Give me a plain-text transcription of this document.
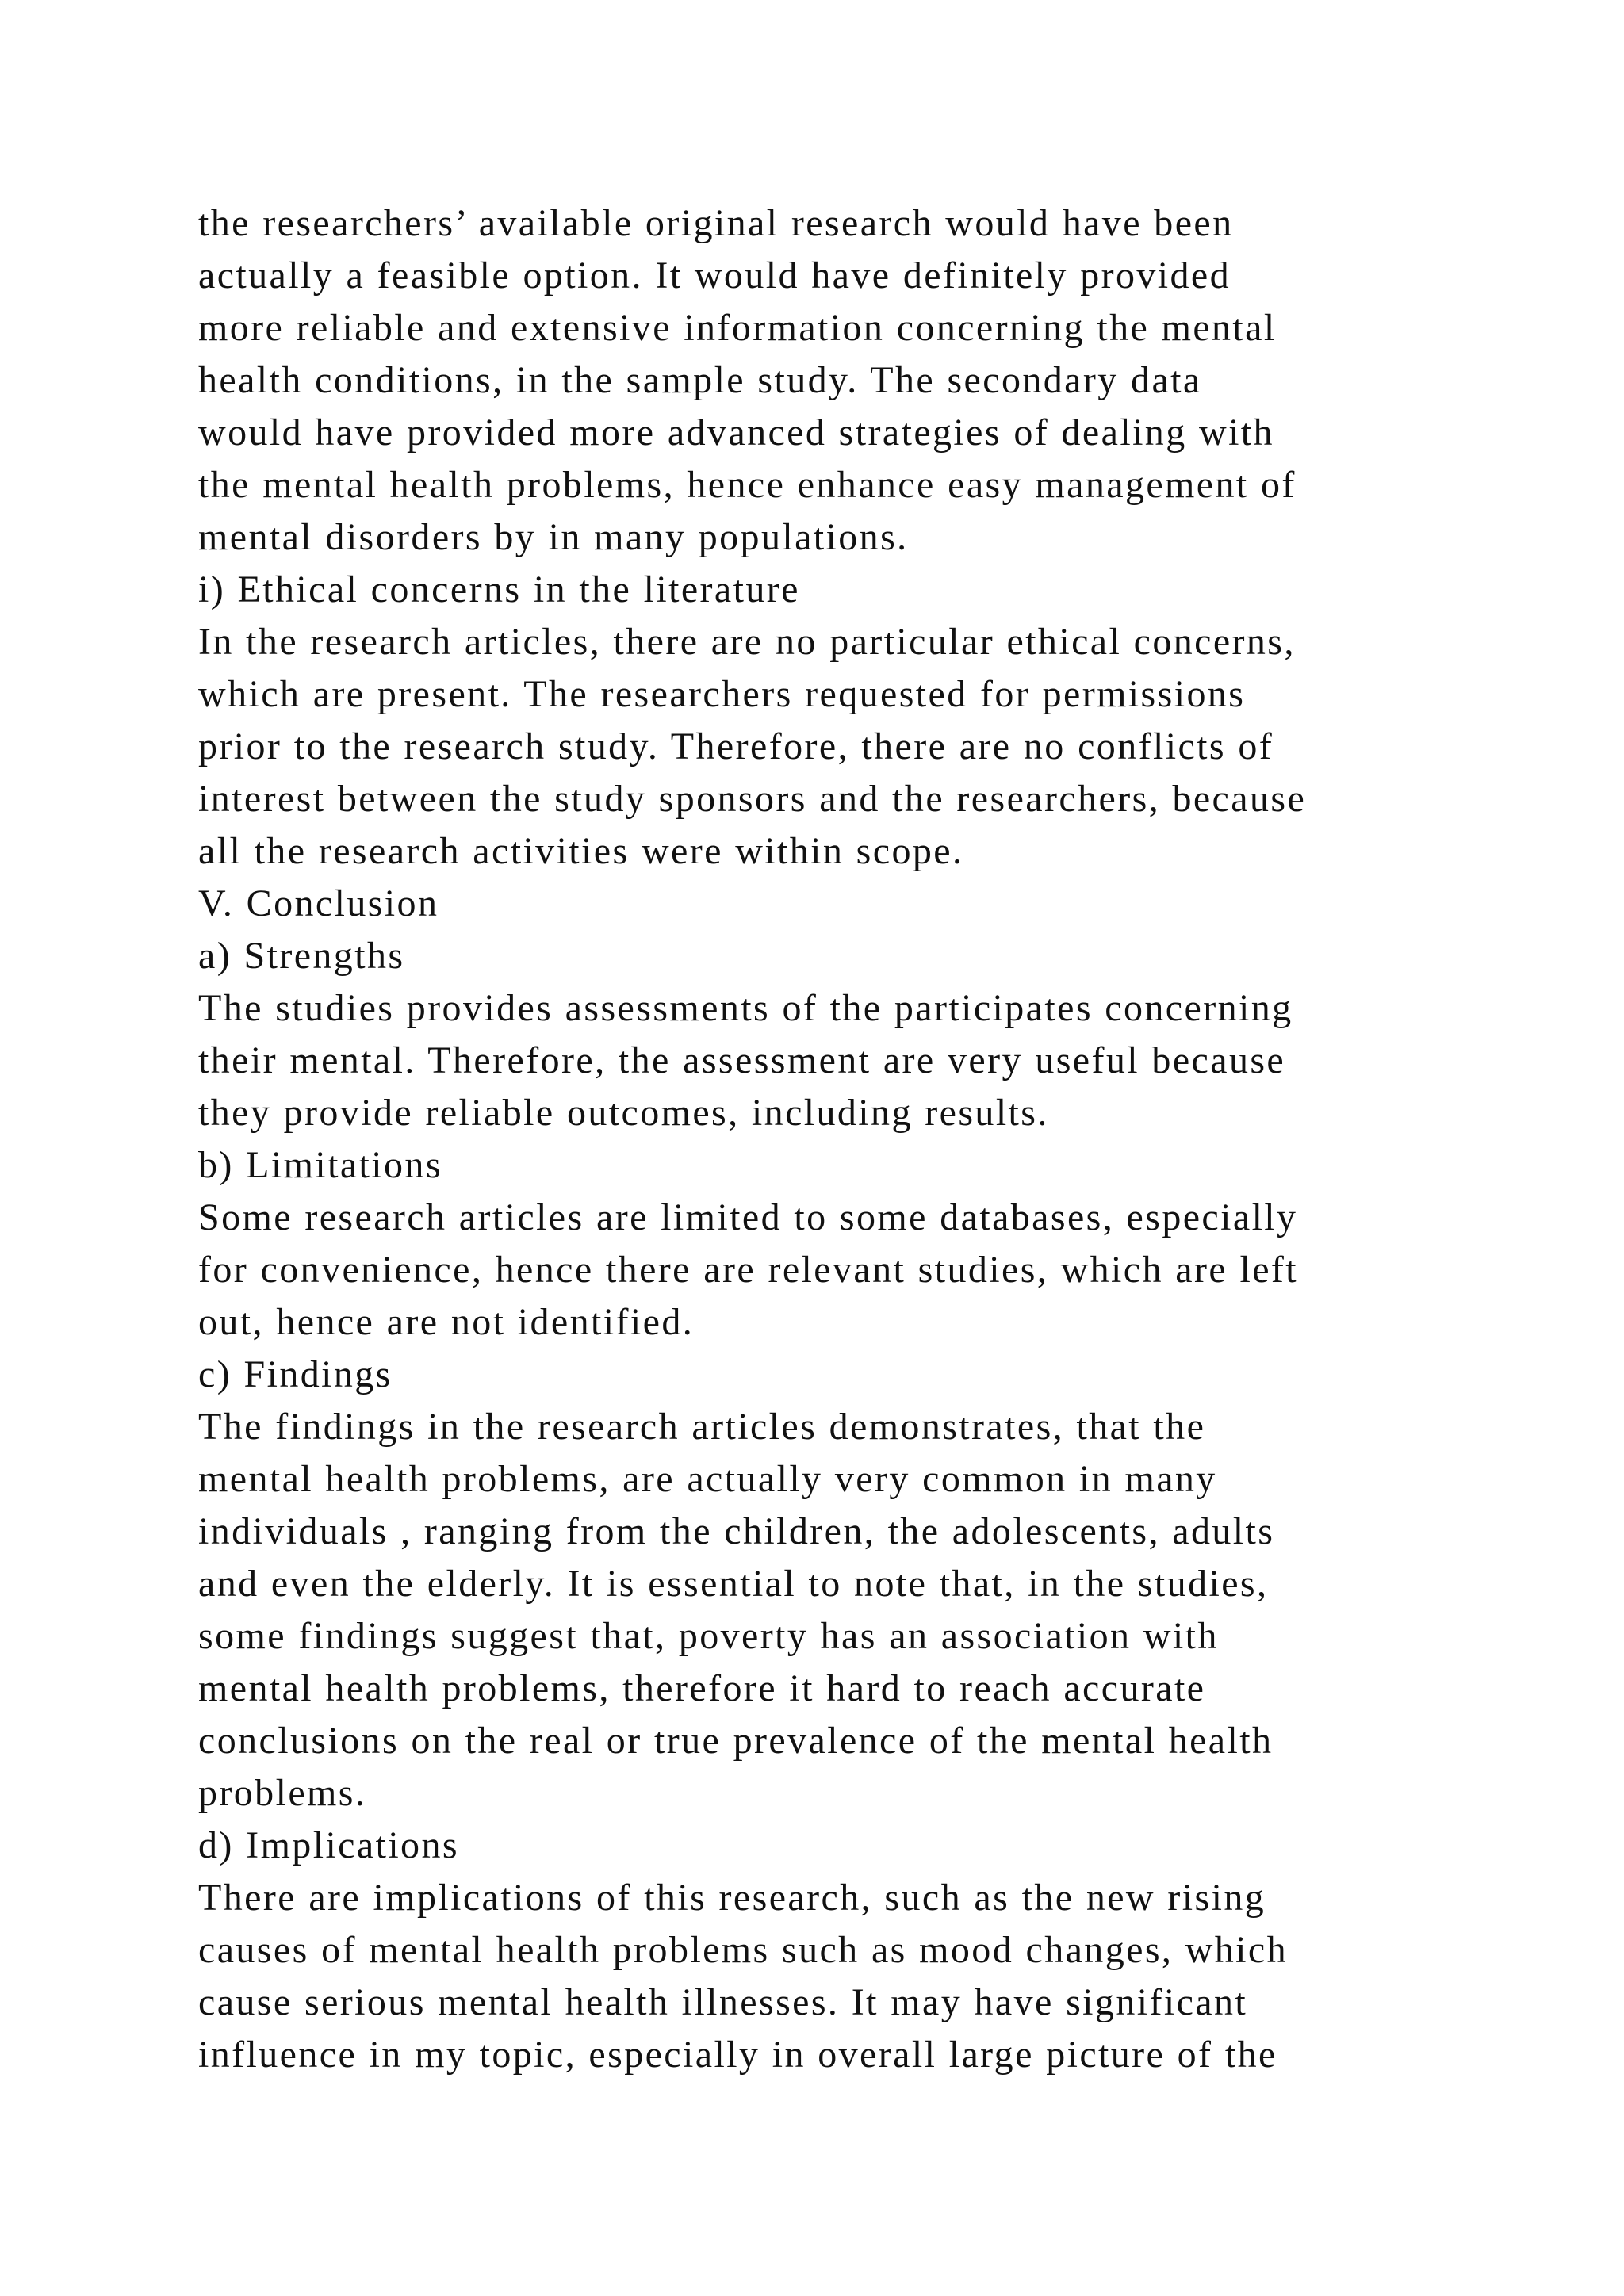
the researchers’ available original research would have been
actually a feasible option. It would have definitely provided
more reliable and extensive information concerning the mental
health conditions, in the sample study. The secondary data
would have provided more advanced strategies of dealing with
the mental health problems, hence enhance easy management of
mental disorders by in many populations.
i) Ethical concerns in the literature
In the research articles, there are no particular ethical concerns,
which are present. The researchers requested for permissions
prior to the research study. Therefore, there are no conflicts of
interest between the study sponsors and the researchers, because
all the research activities were within scope.
V. Conclusion
a) Strengths
The studies provides assessments of the participates concerning
their mental. Therefore, the assessment are very useful because
they provide reliable outcomes, including results.
b) Limitations
Some research articles are limited to some databases, especially
for convenience, hence there are relevant studies, which are left
out, hence are not identified.
c) Findings
The findings in the research articles demonstrates, that the
mental health problems, are actually very common in many
individuals , ranging from the children, the adolescents, adults
and even the elderly. It is essential to note that, in the studies,
some findings suggest that, poverty has an association with
mental health problems, therefore it hard to reach accurate
conclusions on the real or true prevalence of the mental health
problems.
d) Implications
There are implications of this research, such as the new rising
causes of mental health problems such as mood changes, which
cause serious mental health illnesses. It may have significant
influence in my topic, especially in overall large picture of the
